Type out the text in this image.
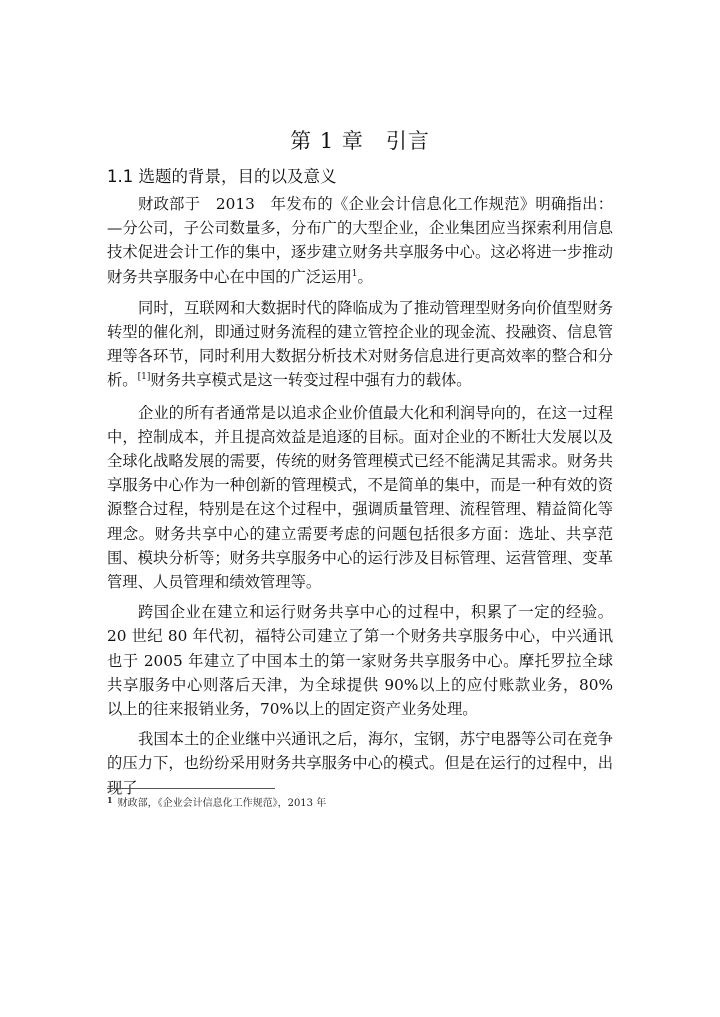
第 1 章　引言
1.1 选题的背景，目的以及意义

财政部于　2013　年发布的《企业会计信息化工作规范》明确指出：—分公司，子公司数量多，分布广的大型企业，企业集团应当探索利用信息技术促进会计工作的集中，逐步建立财务共享服务中心。这必将进一步推动财务共享服务中心在中国的广泛运用$^1$。

同时，互联网和大数据时代的降临成为了推动管理型财务向价值型财务转型的催化剂，即通过财务流程的建立管控企业的现金流、投融资、信息管理等各环节，同时利用大数据分析技术对财务信息进行更高效率的整合和分析。[1]财务共享模式是这一转变过程中强有力的载体。

企业的所有者通常是以追求企业价值最大化和利润导向的，在这一过程中，控制成本，并且提高效益是追逐的目标。面对企业的不断壮大发展以及全球化战略发展的需要，传统的财务管理模式已经不能满足其需求。财务共享服务中心作为一种创新的管理模式，不是简单的集中，而是一种有效的资源整合过程，特别是在这个过程中，强调质量管理、流程管理、精益简化等理念。财务共享中心的建立需要考虑的问题包括很多方面：选址、共享范围、模块分析等；财务共享服务中心的运行涉及目标管理、运营管理、变革管理、人员管理和绩效管理等。

跨国企业在建立和运行财务共享中心的过程中，积累了一定的经验。20 世纪 80 年代初，福特公司建立了第一个财务共享服务中心，中兴通讯也于 2005 年建立了中国本土的第一家财务共享服务中心。摩托罗拉全球共享服务中心则落后天津，为全球提供 90%以上的应付账款业务，80% 以上的往来报销业务，70%以上的固定资产业务处理。

我国本土的企业继中兴通讯之后，海尔，宝钢，苏宁电器等公司在竞争的压力下，也纷纷采用财务共享服务中心的模式。但是在运行的过程中，出现了

$^1$ 财政部，《企业会计信息化工作规范》，2013 年
